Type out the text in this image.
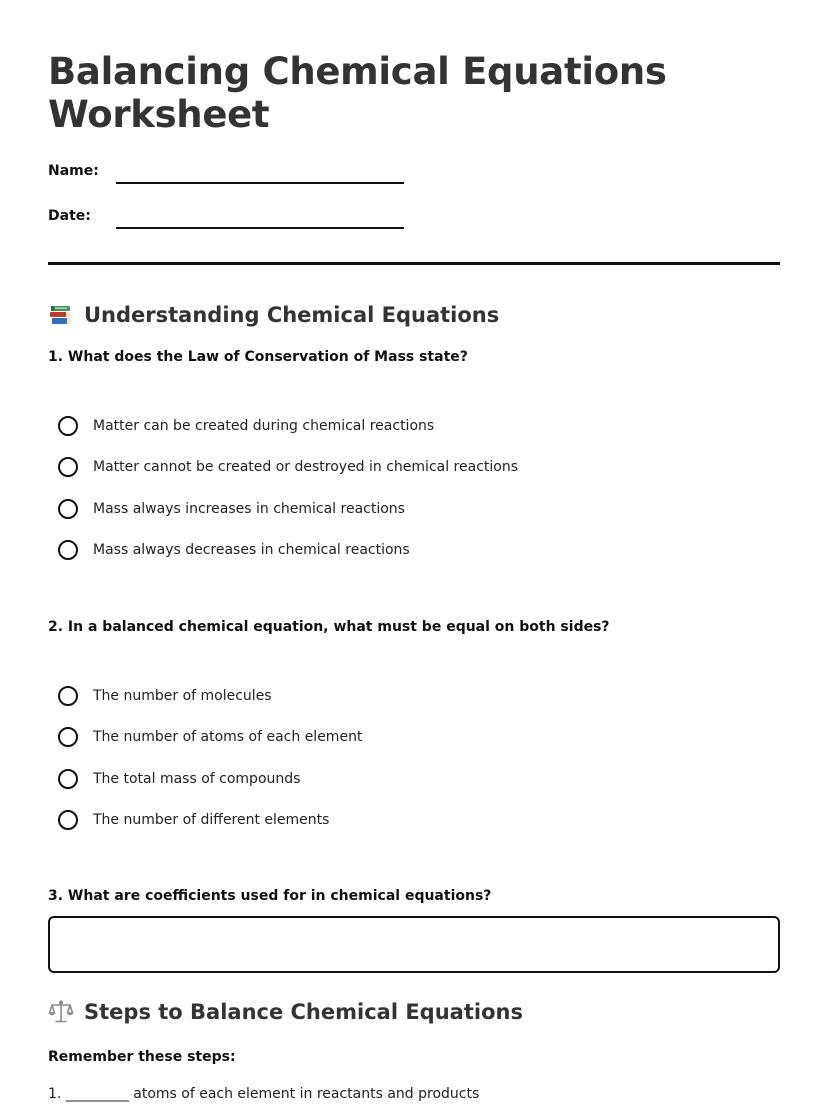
Balancing Chemical Equations Worksheet
Name:
Date:
Understanding Chemical Equations

1. What does the Law of Conservation of Mass state?

Matter can be created during chemical reactions
Matter cannot be created or destroyed in chemical reactions
Mass always increases in chemical reactions
Mass always decreases in chemical reactions

2. In a balanced chemical equation, what must be equal on both sides?

The number of molecules
The number of atoms of each element
The total mass of compounds
The number of different elements

3. What are coefficients used for in chemical equations?

Steps to Balance Chemical Equations

Remember these steps:

1. _________ atoms of each element in reactants and products
